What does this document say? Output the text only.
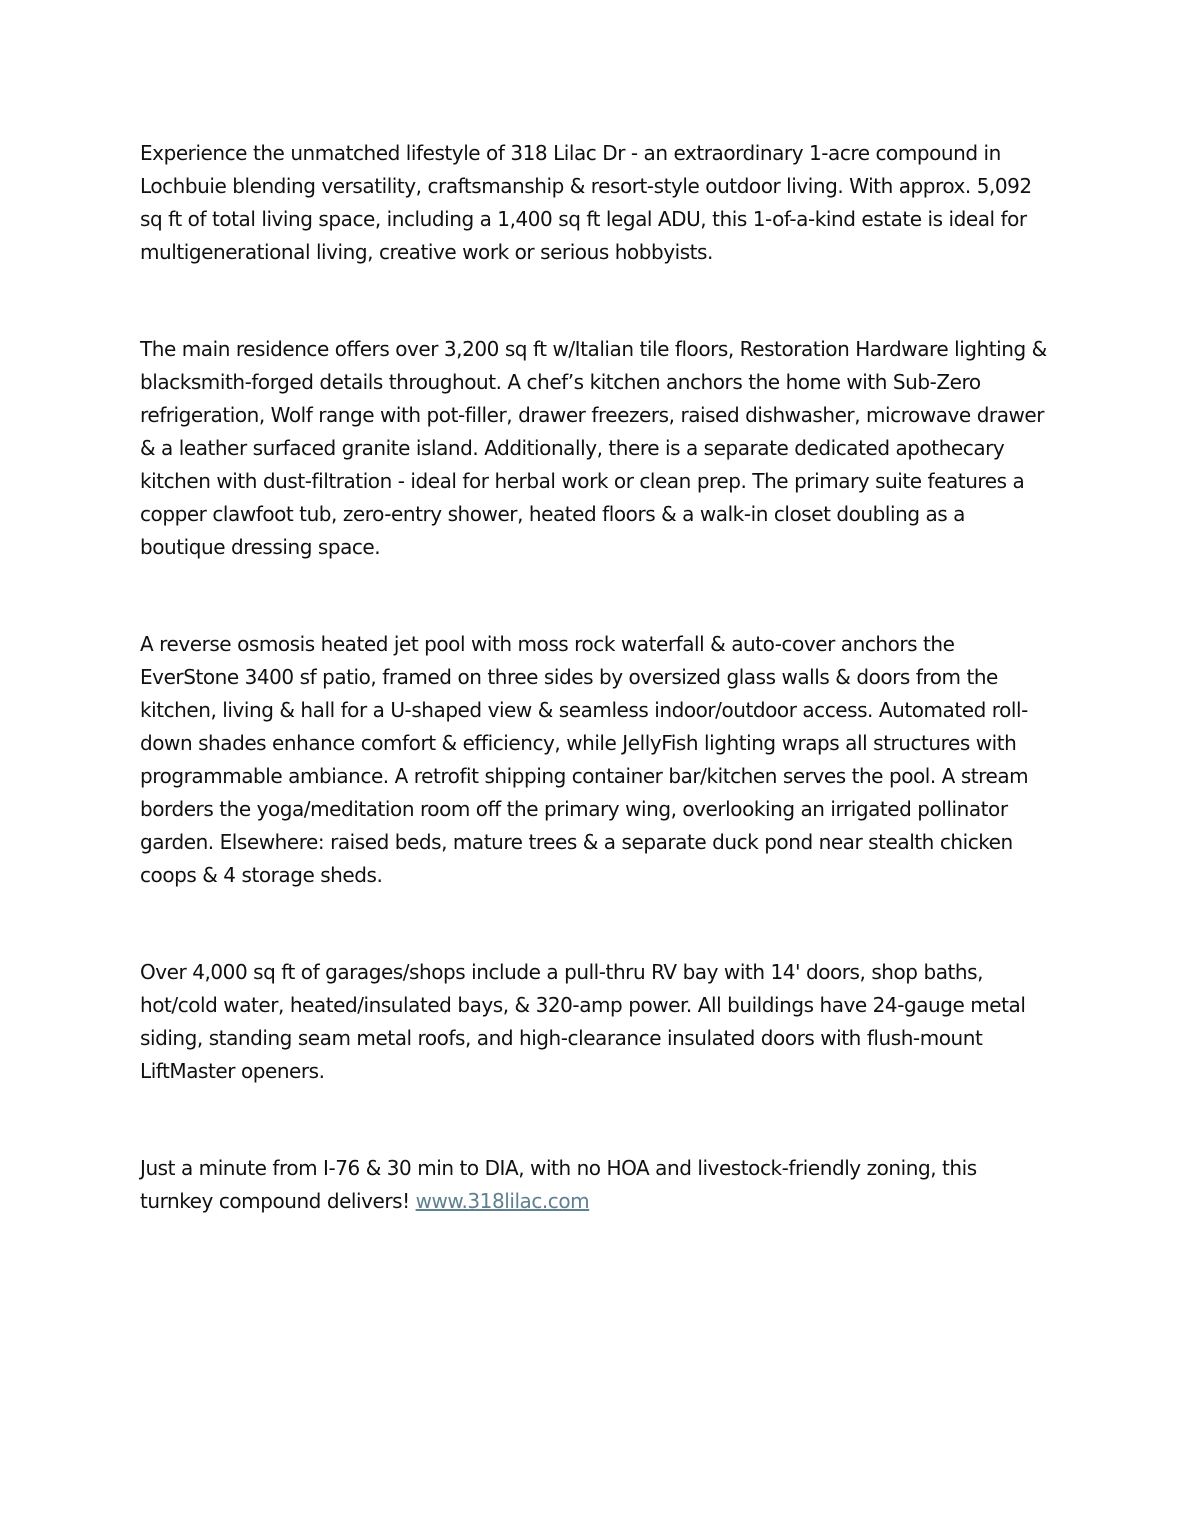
Experience the unmatched lifestyle of 318 Lilac Dr - an extraordinary 1-acre compound in Lochbuie blending versatility, craftsmanship & resort-style outdoor living. With approx. 5,092 sq ft of total living space, including a 1,400 sq ft legal ADU, this 1-of-a-kind estate is ideal for multigenerational living, creative work or serious hobbyists.

The main residence offers over 3,200 sq ft w/Italian tile floors, Restoration Hardware lighting & blacksmith-forged details throughout. A chef’s kitchen anchors the home with Sub-Zero refrigeration, Wolf range with pot-filler, drawer freezers, raised dishwasher, microwave drawer & a leather surfaced granite island. Additionally, there is a separate dedicated apothecary kitchen with dust-filtration - ideal for herbal work or clean prep. The primary suite features a copper clawfoot tub, zero-entry shower, heated floors & a walk-in closet doubling as a boutique dressing space.

A reverse osmosis heated jet pool with moss rock waterfall & auto-cover anchors the EverStone 3400 sf patio, framed on three sides by oversized glass walls & doors from the kitchen, living & hall for a U-shaped view & seamless indoor/outdoor access. Automated roll-down shades enhance comfort & efficiency, while JellyFish lighting wraps all structures with programmable ambiance. A retrofit shipping container bar/kitchen serves the pool. A stream borders the yoga/meditation room off the primary wing, overlooking an irrigated pollinator garden. Elsewhere: raised beds, mature trees & a separate duck pond near stealth chicken coops & 4 storage sheds.

Over 4,000 sq ft of garages/shops include a pull-thru RV bay with 14' doors, shop baths, hot/cold water, heated/insulated bays, & 320-amp power. All buildings have 24-gauge metal siding, standing seam metal roofs, and high-clearance insulated doors with flush-mount LiftMaster openers.

Just a minute from I-76 & 30 min to DIA, with no HOA and livestock-friendly zoning, this turnkey compound delivers! www.318lilac.com
